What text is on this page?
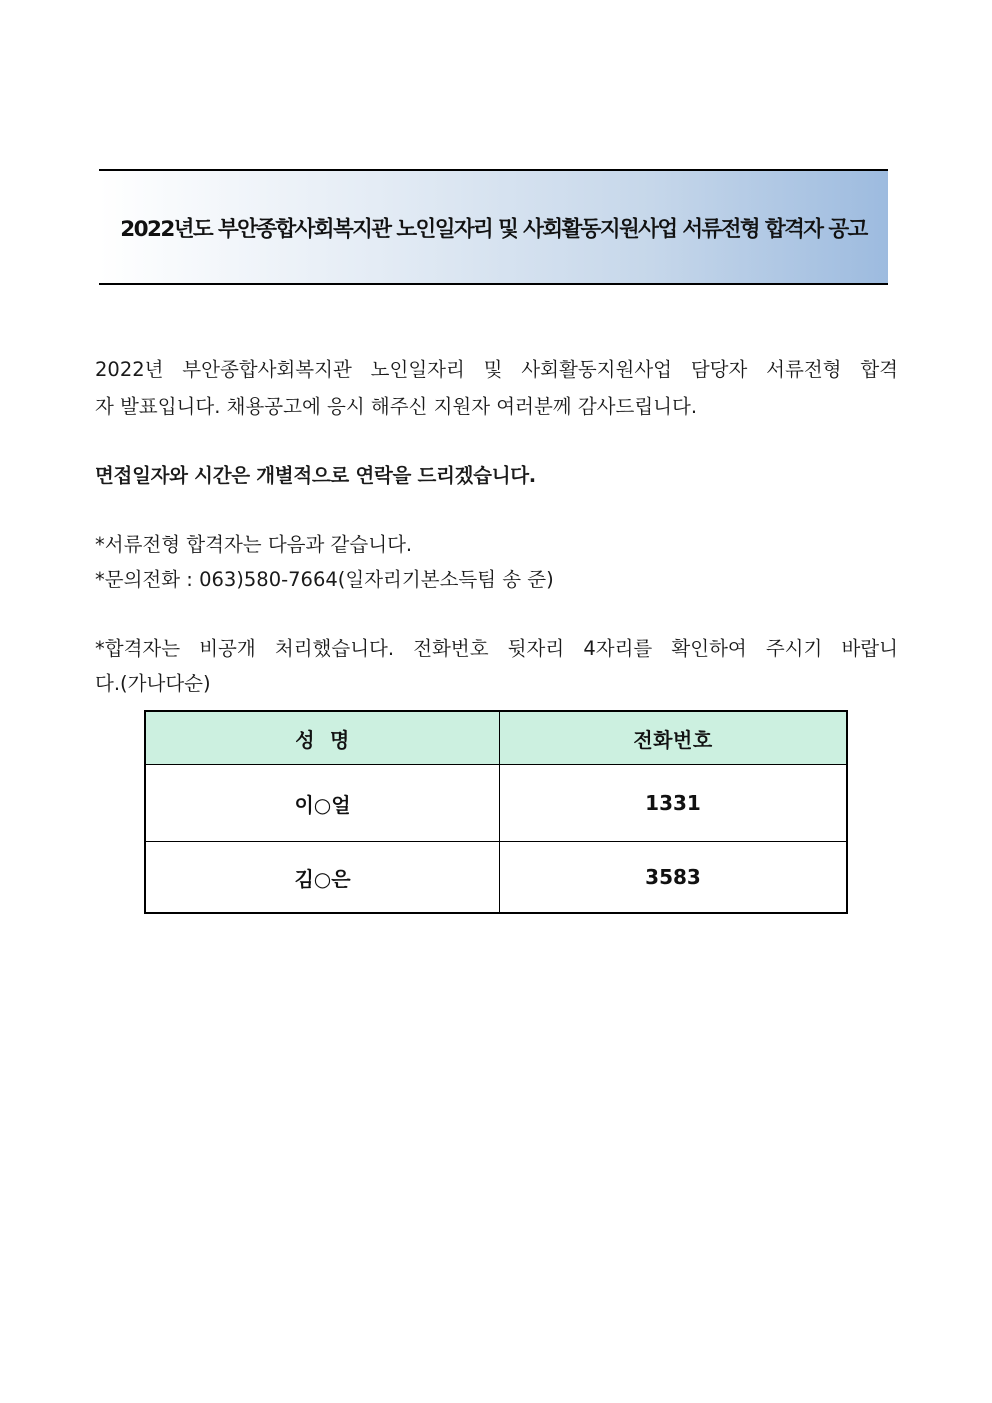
2022년도 부안종합사회복지관 노인일자리 및 사회활동지원사업 서류전형 합격자 공고

2022년 부안종합사회복지관 노인일자리 및 사회활동지원사업 담당자 서류전형 합격

자 발표입니다. 채용공고에 응시 해주신 지원자 여러분께 감사드립니다.

면접일자와 시간은 개별적으로 연락을 드리겠습니다.

*서류전형 합격자는 다음과 같습니다.

*문의전화 : 063)580-7664(일자리기본소득팀 송 준)

*합격자는 비공개 처리했습니다. 전화번호 뒷자리 4자리를 확인하여 주시기 바랍니

다.(가나다순)

성  명	전화번호
이○얼	1331
김○은	3583
